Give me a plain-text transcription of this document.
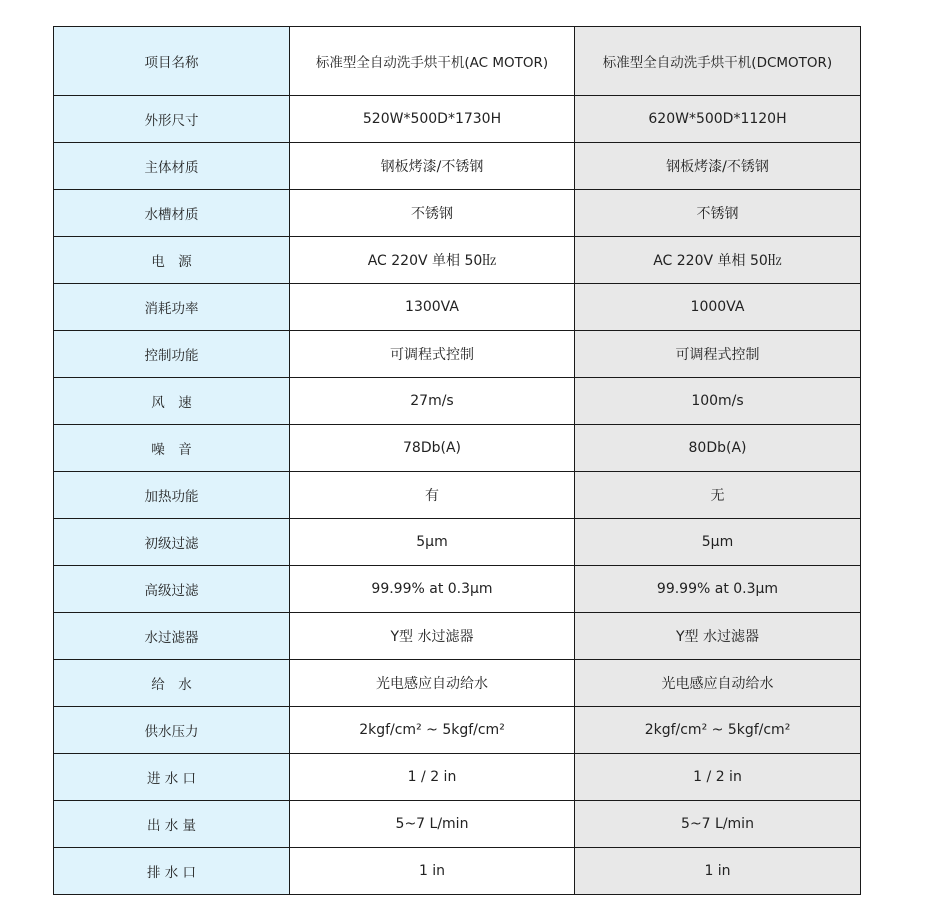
项目名称	标准型全自动洗手烘干机(AC MOTOR)	标准型全自动洗手烘干机(DCMOTOR)
外形尺寸	520W*500D*1730H	620W*500D*1120H
主体材质	钢板烤漆/不锈钢	钢板烤漆/不锈钢
水槽材质	不锈钢	不锈钢
电　源	AC 220V 单相 50㎐	AC 220V 单相 50㎐
消耗功率	1300VA	1000VA
控制功能	可调程式控制	可调程式控制
风　速	27m/s	100m/s
噪　音	78Db(A)	80Db(A)
加热功能	有	无
初级过滤	5μm	5μm
高级过滤	99.99% at 0.3μm	99.99% at 0.3μm
水过滤器	Y型 水过滤器	Y型 水过滤器
给　水	光电感应自动给水	光电感应自动给水
供水压力	2kgf/cm² ~ 5kgf/cm²	2kgf/cm² ~ 5kgf/cm²
进 水 口	1 / 2 in	1 / 2 in
出 水 量	5~7 L/min	5~7 L/min
排 水 口	1 in	1 in
